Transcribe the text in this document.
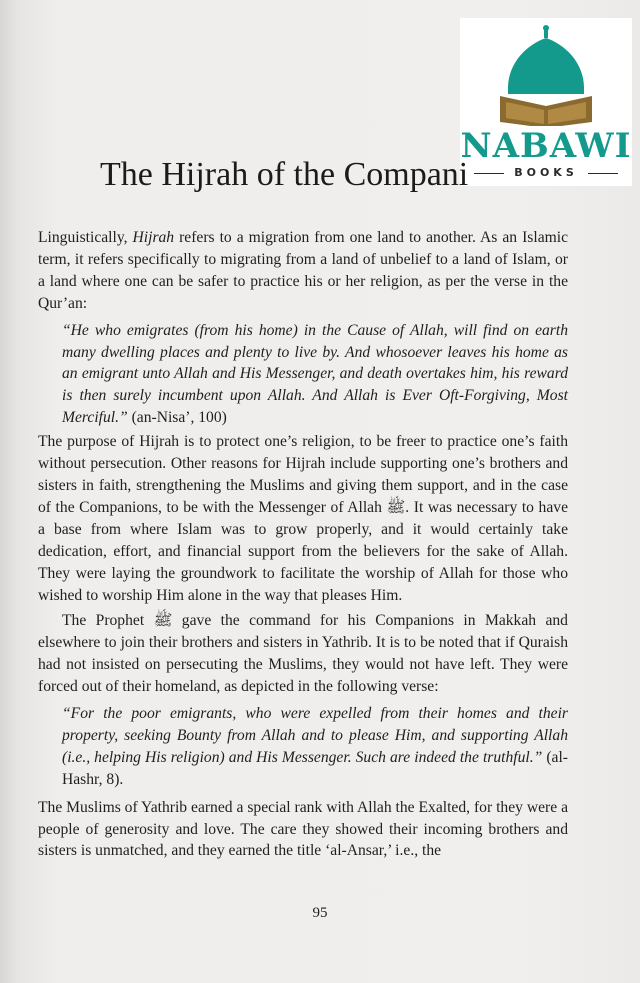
NABAWI
BOOKS
The Hijrah of the Compani

Linguistically, Hijrah refers to a migration from one land to another. As an Islamic term, it refers specifically to migrating from a land of unbelief to a land of Islam, or a land where one can be safer to practice his or her religion, as per the verse in the Qur’an:

“He who emigrates (from his home) in the Cause of Allah, will find on earth many dwelling places and plenty to live by. And whosoever leaves his home as an emigrant unto Allah and His Messenger, and death overtakes him, his reward is then surely incumbent upon Allah. And Allah is Ever Oft-Forgiving, Most Merciful.” (an-Nisa’, 100)

The purpose of Hijrah is to protect one’s religion, to be freer to practice one’s faith without persecution. Other reasons for Hijrah include supporting one’s brothers and sisters in faith, strengthening the Muslims and giving them support, and in the case of the Companions, to be with the Messenger of Allah ﷺ. It was necessary to have a base from where Islam was to grow properly, and it would certainly take dedication, effort, and financial support from the believers for the sake of Allah. They were laying the groundwork to facilitate the worship of Allah for those who wished to worship Him alone in the way that pleases Him.

The Prophet ﷺ gave the command for his Companions in Makkah and elsewhere to join their brothers and sisters in Yathrib. It is to be noted that if Quraish had not insisted on persecuting the Muslims, they would not have left. They were forced out of their homeland, as depicted in the following verse:

“For the poor emigrants, who were expelled from their homes and their property, seeking Bounty from Allah and to please Him, and supporting Allah (i.e., helping His religion) and His Messenger. Such are indeed the truthful.” (al-Hashr, 8).

The Muslims of Yathrib earned a special rank with Allah the Exalted, for they were a people of generosity and love. The care they showed their incoming brothers and sisters is unmatched, and they earned the title ‘al-Ansar,’ i.e., the

95
